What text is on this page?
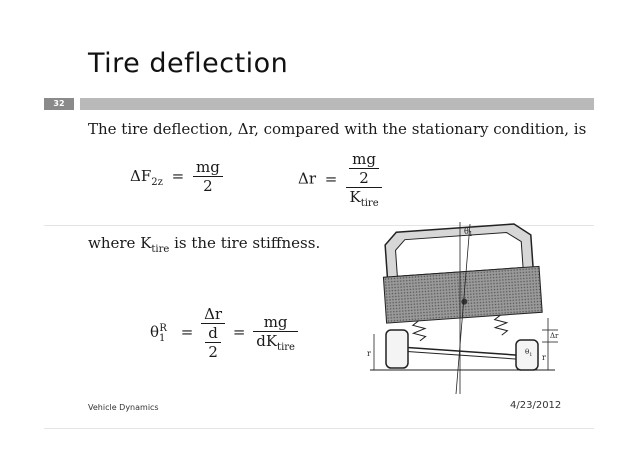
Tire deflection
32
The tire deflection, Δr, compared with the stationary condition, is
$\Delta F_{2z} = \frac{mg}{2}$	$\Delta r = \frac{\frac{mg}{2}}{K_{tire}}$
where $K_{tire}$ is the tire stiffness.
$\theta_1^R = \frac{\Delta r}{\frac{d}{2}} = \frac{mg}{dK_{tire}}$
$\theta_1$
Δr
r	r
$\theta_1$
Vehicle Dynamics	4/23/2012
